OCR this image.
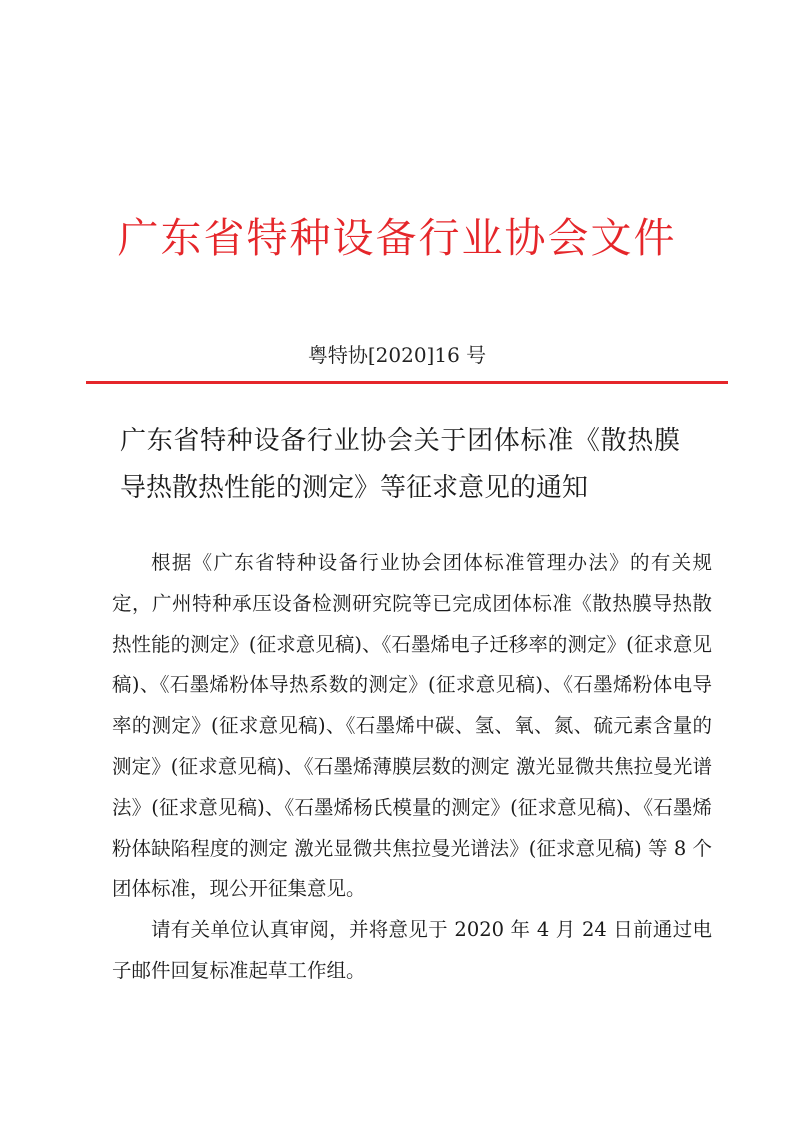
广东省特种设备行业协会文件
粤特协[2020]16 号
广东省特种设备行业协会关于团体标准《散热膜导热散热性能的测定》等征求意见的通知

根据《广东省特种设备行业协会团体标准管理办法》的有关规定，广州特种承压设备检测研究院等已完成团体标准《散热膜导热散热性能的测定》(征求意见稿)、《石墨烯电子迁移率的测定》(征求意见稿)、《石墨烯粉体导热系数的测定》(征求意见稿)、《石墨烯粉体电导率的测定》(征求意见稿)、《石墨烯中碳、氢、氧、氮、硫元素含量的测定》(征求意见稿)、《石墨烯薄膜层数的测定 激光显微共焦拉曼光谱法》(征求意见稿)、《石墨烯杨氏模量的测定》(征求意见稿)、《石墨烯粉体缺陷程度的测定 激光显微共焦拉曼光谱法》(征求意见稿) 等 8 个团体标准，现公开征集意见。

请有关单位认真审阅，并将意见于 2020 年 4 月 24 日前通过电子邮件回复标准起草工作组。
